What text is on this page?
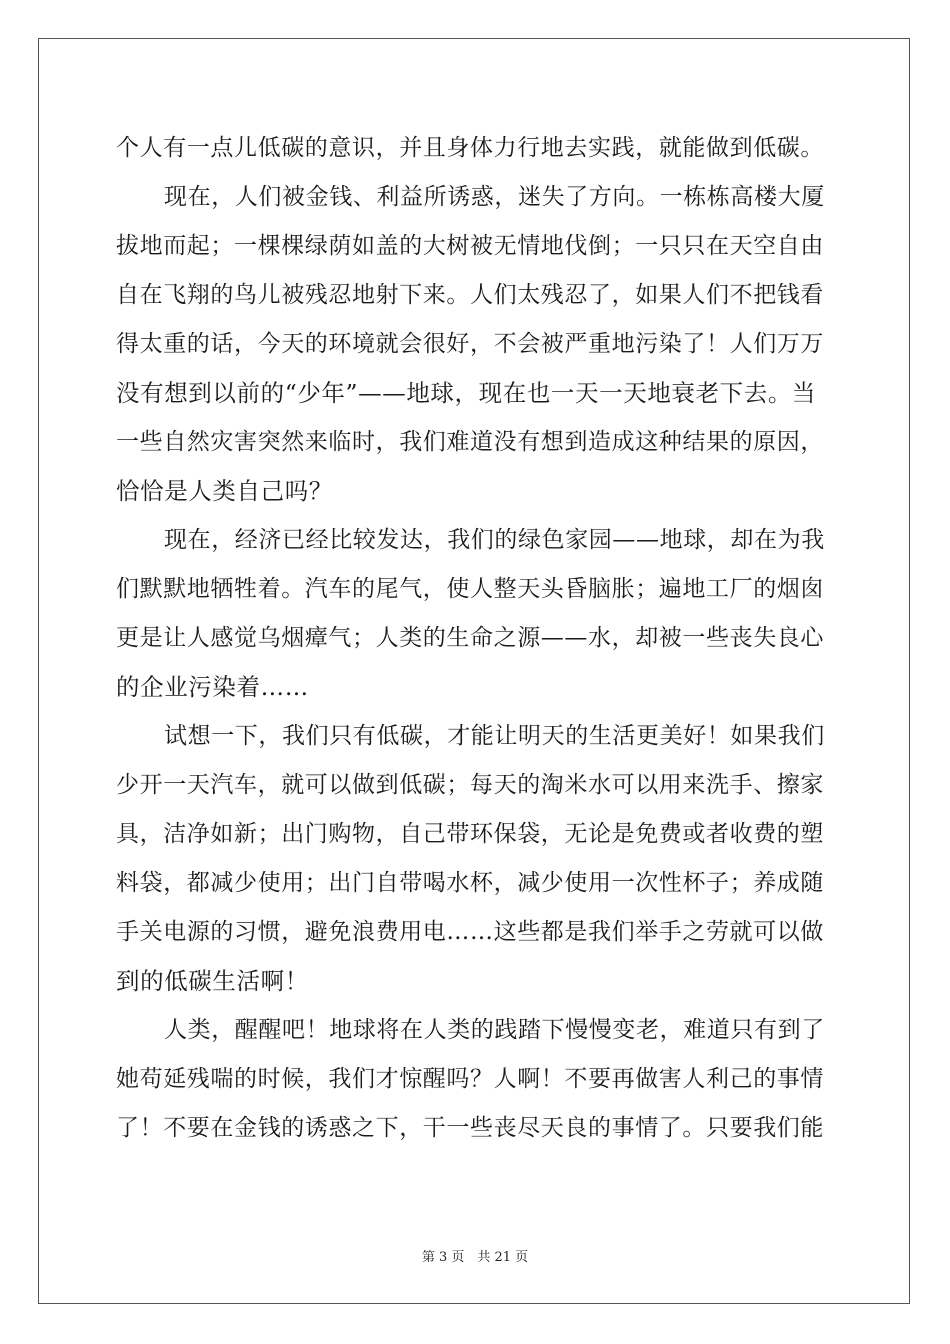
个人有一点儿低碳的意识，并且身体力行地去实践，就能做到低碳。
现在，人们被金钱、利益所诱惑，迷失了方向。一栋栋高楼大厦
拔地而起；一棵棵绿荫如盖的大树被无情地伐倒；一只只在天空自由
自在飞翔的鸟儿被残忍地射下来。人们太残忍了，如果人们不把钱看
得太重的话，今天的环境就会很好，不会被严重地污染了！人们万万
没有想到以前的“少年”——地球，现在也一天一天地衰老下去。当
一些自然灾害突然来临时，我们难道没有想到造成这种结果的原因，
恰恰是人类自己吗？
现在，经济已经比较发达，我们的绿色家园——地球，却在为我
们默默地牺牲着。汽车的尾气，使人整天头昏脑胀；遍地工厂的烟囱
更是让人感觉乌烟瘴气；人类的生命之源——水，却被一些丧失良心
的企业污染着……
试想一下，我们只有低碳，才能让明天的生活更美好！如果我们
少开一天汽车，就可以做到低碳；每天的淘米水可以用来洗手、擦家
具，洁净如新；出门购物，自己带环保袋，无论是免费或者收费的塑
料袋，都减少使用；出门自带喝水杯，减少使用一次性杯子；养成随
手关电源的习惯，避免浪费用电……这些都是我们举手之劳就可以做
到的低碳生活啊！
人类，醒醒吧！地球将在人类的践踏下慢慢变老，难道只有到了
她苟延残喘的时候，我们才惊醒吗？人啊！不要再做害人利己的事情
了！不要在金钱的诱惑之下，干一些丧尽天良的事情了。只要我们能
第 3 页　共 21 页
